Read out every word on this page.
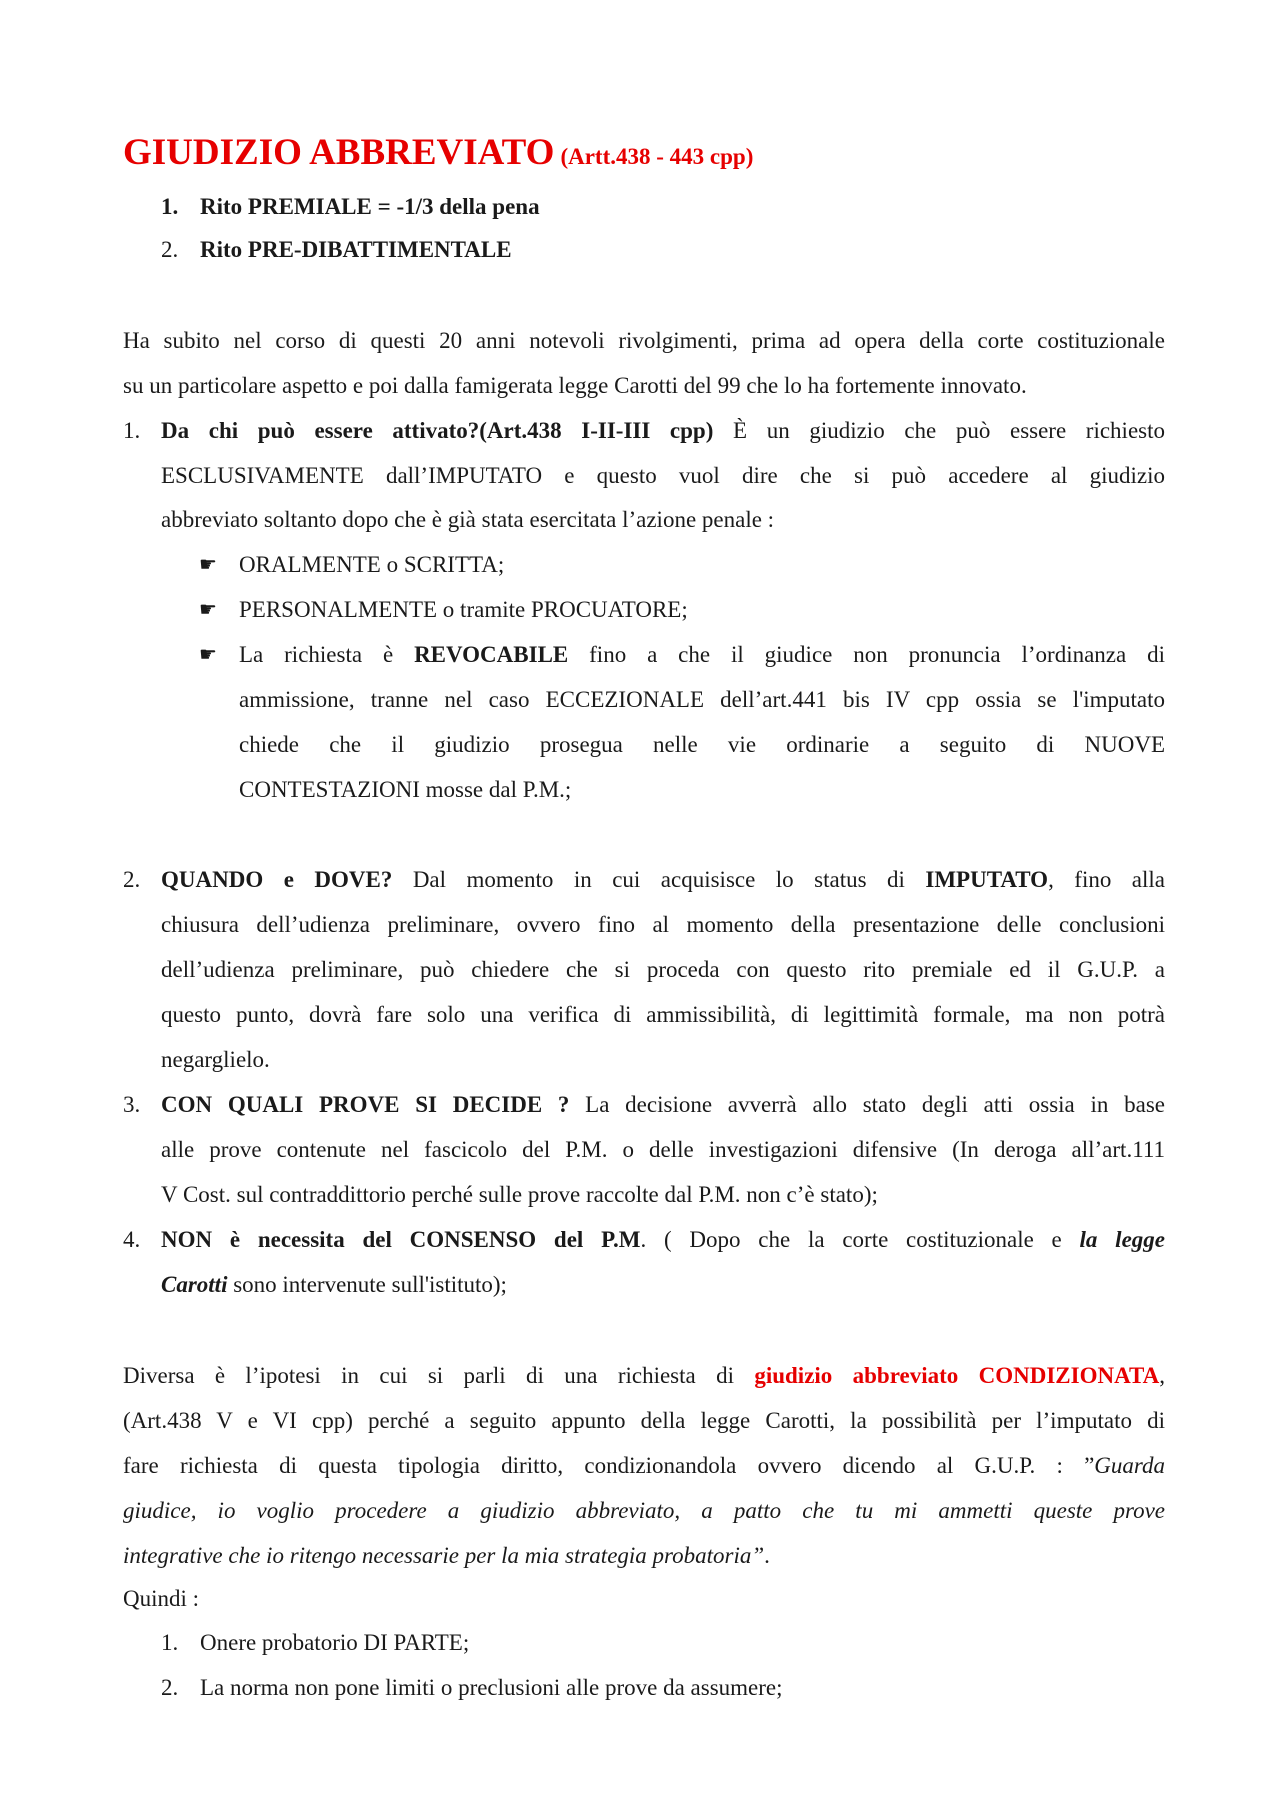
GIUDIZIO ABBREVIATO (Artt.438 - 443 cpp)
1. Rito PREMIALE = -1/3 della pena
2. Rito PRE-DIBATTIMENTALE
Ha subito nel corso di questi 20 anni notevoli rivolgimenti, prima ad opera della corte costituzionale
su un particolare aspetto e poi dalla famigerata legge Carotti del 99 che lo ha fortemente innovato.
1. Da chi può essere attivato?(Art.438 I-II-III cpp) È un giudizio che può essere richiesto
ESCLUSIVAMENTE dall’IMPUTATO e questo vuol dire che si può accedere al giudizio
abbreviato soltanto dopo che è già stata esercitata l’azione penale :
☛ ORALMENTE o SCRITTA;
☛ PERSONALMENTE o tramite PROCUATORE;
☛ La richiesta è REVOCABILE fino a che il giudice non pronuncia l’ordinanza di
ammissione, tranne nel caso ECCEZIONALE dell’art.441 bis IV cpp ossia se l'imputato
chiede che il giudizio prosegua nelle vie ordinarie a seguito di NUOVE
CONTESTAZIONI mosse dal P.M.;
2. QUANDO e DOVE? Dal momento in cui acquisisce lo status di IMPUTATO, fino alla
chiusura dell’udienza preliminare, ovvero fino al momento della presentazione delle conclusioni
dell’udienza preliminare, può chiedere che si proceda con questo rito premiale ed il G.U.P. a
questo punto, dovrà fare solo una verifica di ammissibilità, di legittimità formale, ma non potrà
negarglielo.
3. CON QUALI PROVE SI DECIDE ? La decisione avverrà allo stato degli atti ossia in base
alle prove contenute nel fascicolo del P.M. o delle investigazioni difensive (In deroga all’art.111
V Cost. sul contraddittorio perché sulle prove raccolte dal P.M. non c’è stato);
4. NON è necessita del CONSENSO del P.M. ( Dopo che la corte costituzionale e la legge
Carotti sono intervenute sull'istituto);
Diversa è l’ipotesi in cui si parli di una richiesta di giudizio abbreviato CONDIZIONATA,
(Art.438 V e VI cpp) perché a seguito appunto della legge Carotti, la possibilità per l’imputato di
fare richiesta di questa tipologia diritto, condizionandola ovvero dicendo al G.U.P. : ”Guarda
giudice, io voglio procedere a giudizio abbreviato, a patto che tu mi ammetti queste prove
integrative che io ritengo necessarie per la mia strategia probatoria”.
Quindi :
1. Onere probatorio DI PARTE;
2. La norma non pone limiti o preclusioni alle prove da assumere;
